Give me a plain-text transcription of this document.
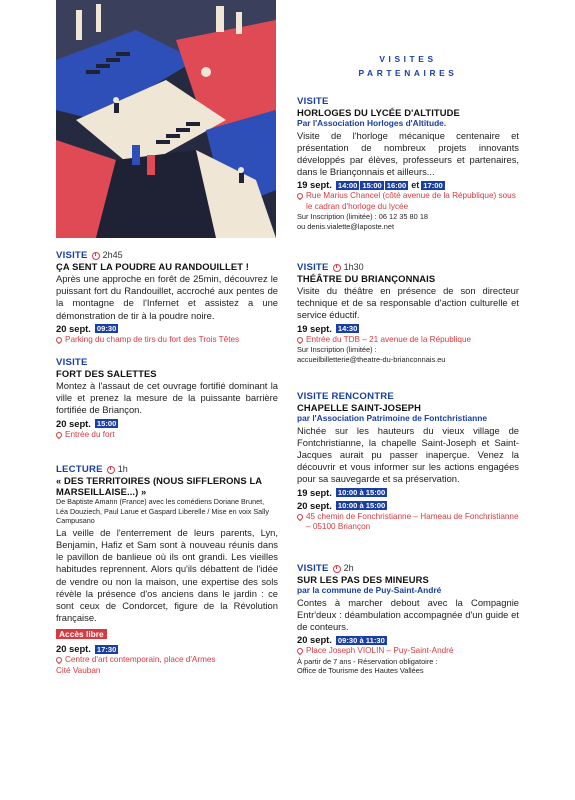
VISITES
PARTENAIRES
VISITE 2h45
ÇA SENT LA POUDRE AU RANDOUILLET !
Après une approche en forêt de 25min, découvrez le puissant fort du Randouillet, accroché aux pentes de la montagne de l'Infernet et assistez a une démonstration de tir à la poudre noire.
20 sept. 09:30
Parking du champ de tirs du fort des Trois Têtes
VISITE
FORT DES SALETTES
Montez à l'assaut de cet ouvrage fortifié dominant la ville et prenez la mesure de la puissante barrière fortifiée de Briançon.
20 sept. 15:00
Entrée du fort
LECTURE 1h
« DES TERRITOIRES (NOUS SIFFLERONS LA MARSEILLAISE...) »
De Baptiste Amann (France) avec les comédiens Doriane Brunet, Léa Douziech, Paul Larue et Gaspard Liberelle / Mise en voix Sally Campusano
La veille de l'enterrement de leurs parents, Lyn, Benjamin, Hafiz et Sam sont à nouveau réunis dans le pavillon de banlieue où ils ont grandi. Les vieilles habitudes reprennent. Alors qu'ils débattent de l'idée de vendre ou non la maison, une expertise des sols révèle la présence d'os anciens dans le jardin : ce sont ceux de Condorcet, figure de la Révolution française.
Accès libre
20 sept. 17:30
Centre d'art contemporain, place d'Armes
Cité Vauban
VISITE
HORLOGES DU LYCÉE D'ALTITUDE
Par l'Association Horloges d'Altitude.
Visite de l'horloge mécanique centenaire et présentation de nombreux projets innovants développés par élèves, professeurs et partenaires, dans le Briançonnais et ailleurs...
19 sept. 14:00 15:00 16:00 et 17:00
Rue Marius Chancel (côté avenue de la République) sous le cadran d'horloge du lycée
Sur Inscription (limitée) : 06 12 35 80 18
ou denis.vialette@laposte.net
VISITE 1h30
THÉÂTRE DU BRIANÇONNAIS
Visite du théâtre en présence de son directeur technique et de sa responsable d'action culturelle et service éductif.
19 sept. 14:30
Entrée du TDB – 21 avenue de la République
Sur Inscription (limitée) :
accueilbilletterie@theatre-du-brianconnais.eu
VISITE RENCONTRE
CHAPELLE SAINT-JOSEPH
par l'Association Patrimoine de Fontchristianne
Nichée sur les hauteurs du vieux village de Fontchristianne, la chapelle Saint-Joseph et Saint-Jacques aurait pu passer inaperçue. Venez la découvrir et vous informer sur les actions engagées pour sa sauvegarde et sa préservation.
19 sept. 10:00 à 15:00
20 sept. 10:00 à 15:00
45 chemin de Fonchristianne – Hameau de Fonchristianne – 05100 Briançon
VISITE 2h
SUR LES PAS DES MINEURS
par la commune de Puy-Saint-André
Contes à marcher debout avec la Compagnie Entr'deux : déambulation accompagnée d'un guide et de conteurs.
20 sept. 09:30 à 11:30
Place Joseph VIOLIN – Puy-Saint-André
À partir de 7 ans - Réservation obligatoire :
Office de Tourisme des Hautes Vallées
